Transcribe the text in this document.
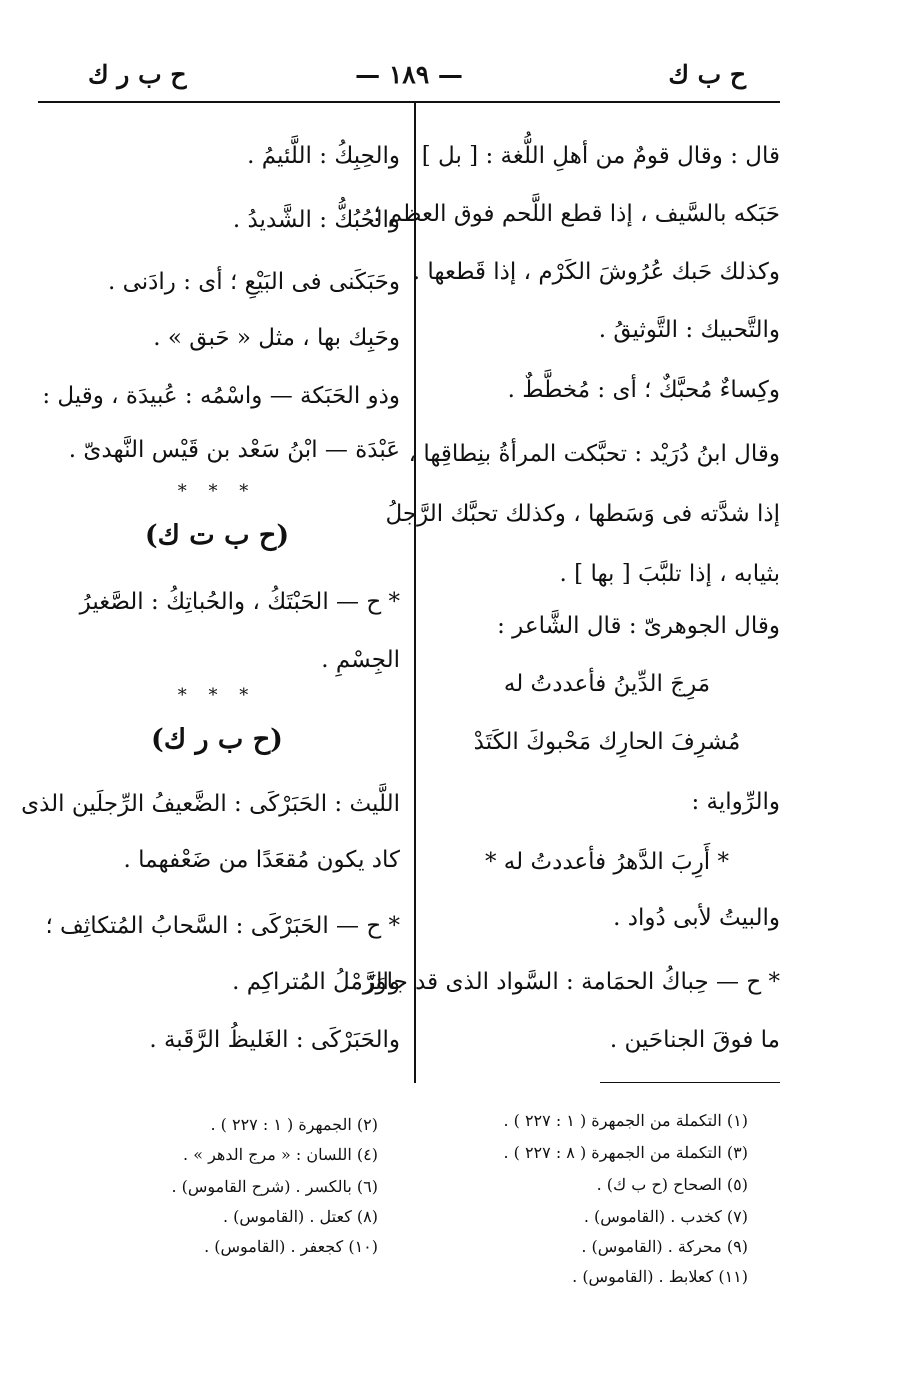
ح ب ك
— ١٨٩ —
ح ب ر ك
قال : وقال قومٌ من أهلِ اللُّغة : [ بل ]
حَبَكه بالسَّيف ، إذا قطع اللَّحم فوق العظم ؛
وكذلك حَبك عُرُوشَ الكَرْم ، إذا قَطعها .
والتَّحبيك : التَّوثيقُ .
وكِساءٌ مُحبَّكٌ ؛ أى : مُخطَّطٌ .
وقال ابنُ دُرَيْد : تحبَّكت المرأةُ بنِطاقِها ،
إذا شدَّته فى وَسَطها ، وكذلك تحبَّك الرَّجلُ
بثيابه ، إذا تلبَّبَ [ بها ] .
وقال الجوهرىّ : قال الشَّاعر :
مَرِجَ الدِّينُ فأعددتُ له
مُشرِفَ الحارِك مَحْبوكَ الكَتَدْ
والرِّواية :
* أَرِبَ الدَّهرُ فأعددتُ له *
والبيتُ لأبى دُواد .
* ح — حِباكُ الحمَامة : السَّواد الذى قد جاوَزَ
ما فوقَ الجناحَين .
والحِبِكُ : اللَّئيمُ .
والحُبُكُّ : الشَّديدُ .
وحَبَكَنى فى البَيْعِ ؛ أى : رادَنى .
وحَبِك بها ، مثل « حَبق » .
وذو الحَبَكة — واسْمُه : عُبيدَة ، وقيل :
عَبْدَة — ابْنُ سَعْد بن قَيْس النَّهدىّ .
* * *
(ح ب ت ك)
* ح — الحَبْتَكُ ، والحُباتِكُ : الصَّغيرُ
الجِسْمِ .
* * *
(ح ب ر ك)
اللَّيث : الحَبَرْكَى : الضَّعيفُ الرِّجلَين الذى
كاد يكون مُقعَدًا من ضَعْفهما .
* ح — الحَبَرْكَى : السَّحابُ المُتكاثِف ؛
والرَّمْلُ المُتراكِم .
والحَبَرْكَى : الغَليظُ الرَّقَبة .
(١) التكملة من الجمهرة ( ١ : ٢٢٧ ) .
(٣) التكملة من الجمهرة ( ٨ : ٢٢٧ ) .
(٥) الصحاح (ح ب ك) .
(٧) كخدب . (القاموس) .
(٩) محركة . (القاموس) .
(١١) كعلابط . (القاموس) .
(٢) الجمهرة ( ١ : ٢٢٧ ) .
(٤) اللسان : « مرج الدهر » .
(٦) بالكسر . (شرح القاموس) .
(٨) كعتل . (القاموس) .
(١٠) كجعفر . (القاموس) .
